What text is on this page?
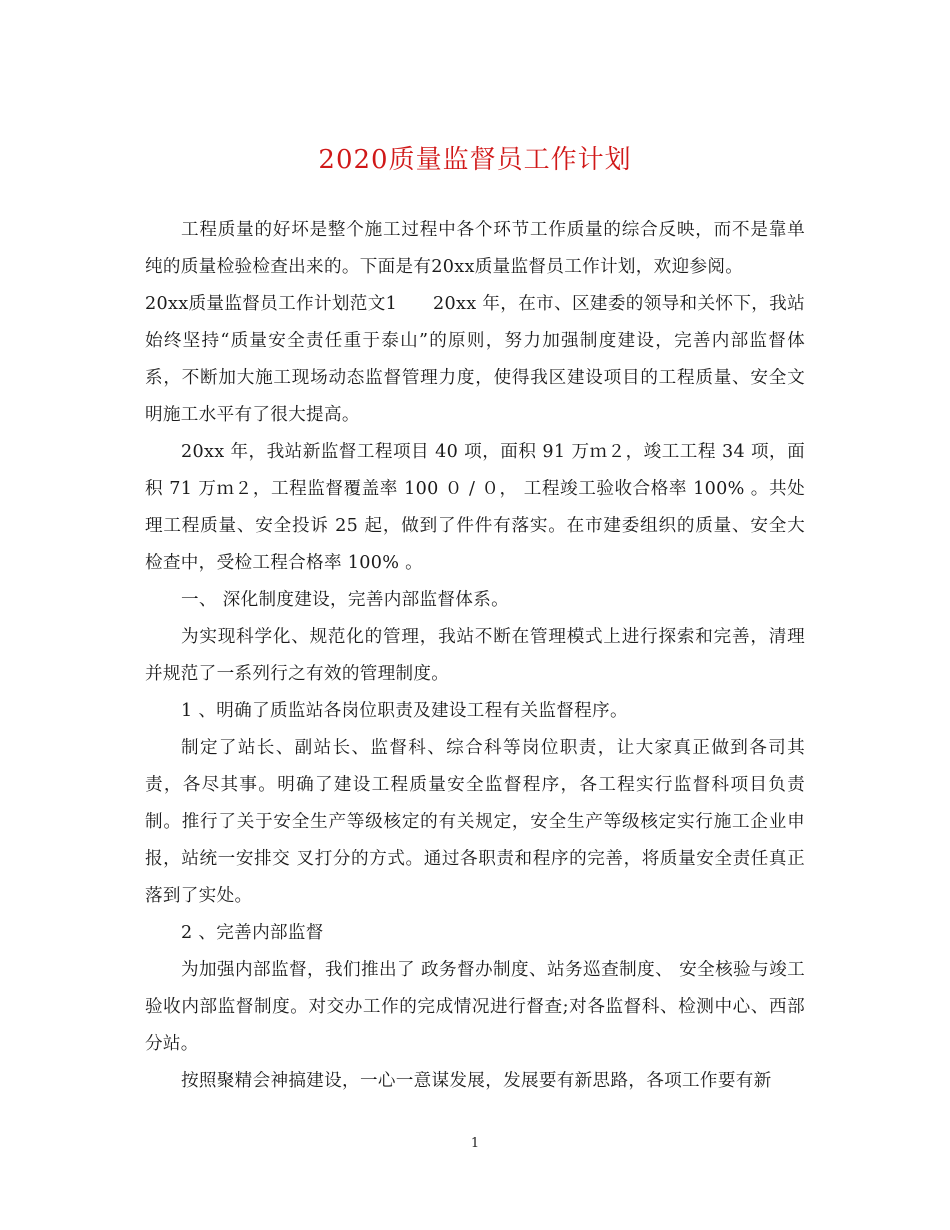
2020质量监督员工作计划

工程质量的好坏是整个施工过程中各个环节工作质量的综合反映，而不是靠单纯的质量检验检查出来的。下面是有20xx质量监督员工作计划，欢迎参阅。

20xx质量监督员工作计划范文1　　20xx 年，在市、区建委的领导和关怀下，我站始终坚持“质量安全责任重于泰山”的原则，努力加强制度建设，完善内部监督体系，不断加大施工现场动态监督管理力度，使得我区建设项目的工程质量、安全文明施工水平有了很大提高。

20xx 年，我站新监督工程项目 40 项，面积 91 万ｍ２，竣工工程 34 项，面积 71 万ｍ２，工程监督覆盖率 100 ０ / ０， 工程竣工验收合格率 100% 。共处理工程质量、安全投诉 25 起，做到了件件有落实。在市建委组织的质量、安全大检查中，受检工程合格率 100% 。

一、 深化制度建设，完善内部监督体系。

为实现科学化、规范化的管理，我站不断在管理模式上进行探索和完善，清理并规范了一系列行之有效的管理制度。

1 、明确了质监站各岗位职责及建设工程有关监督程序。

制定了站长、副站长、监督科、综合科等岗位职责，让大家真正做到各司其责，各尽其事。明确了建设工程质量安全监督程序，各工程实行监督科项目负责制。推行了关于安全生产等级核定的有关规定，安全生产等级核定实行施工企业申报，站统一安排交 叉打分的方式。通过各职责和程序的完善，将质量安全责任真正落到了实处。

2 、完善内部监督

为加强内部监督，我们推出了 政务督办制度、站务巡查制度、 安全核验与竣工验收内部监督制度。对交办工作的完成情况进行督查;对各监督科、检测中心、西部分站。

按照聚精会神搞建设，一心一意谋发展，发展要有新思路，各项工作要有新

1
